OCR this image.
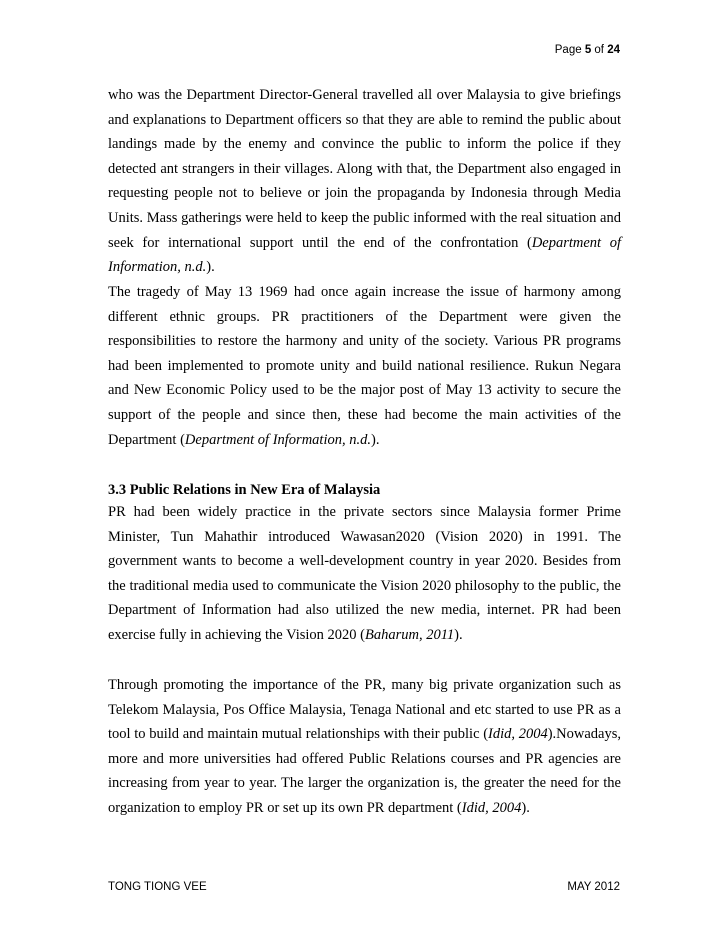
Page 5 of 24

who was the Department Director-General travelled all over Malaysia to give briefings and explanations to Department officers so that they are able to remind the public about landings made by the enemy and convince the public to inform the police if they detected ant strangers in their villages. Along with that, the Department also engaged in requesting people not to believe or join the propaganda by Indonesia through Media Units. Mass gatherings were held to keep the public informed with the real situation and seek for international support until the end of the confrontation (Department of Information, n.d.).

The tragedy of May 13 1969 had once again increase the issue of harmony among different ethnic groups. PR practitioners of the Department were given the responsibilities to restore the harmony and unity of the society. Various PR programs had been implemented to promote unity and build national resilience. Rukun Negara and New Economic Policy used to be the major post of May 13 activity to secure the support of the people and since then, these had become the main activities of the Department (Department of Information, n.d.).

3.3 Public Relations in New Era of Malaysia

PR had been widely practice in the private sectors since Malaysia former Prime Minister, Tun Mahathir introduced Wawasan2020 (Vision 2020) in 1991. The government wants to become a well-development country in year 2020. Besides from the traditional media used to communicate the Vision 2020 philosophy to the public, the Department of Information had also utilized the new media, internet. PR had been exercise fully in achieving the Vision 2020 (Baharum, 2011).

Through promoting the importance of the PR, many big private organization such as Telekom Malaysia, Pos Office Malaysia, Tenaga National and etc started to use PR as a tool to build and maintain mutual relationships with their public (Idid, 2004).Nowadays, more and more universities had offered Public Relations courses and PR agencies are increasing from year to year. The larger the organization is, the greater the need for the organization to employ PR or set up its own PR department (Idid, 2004).

TONG TIONG VEE	MAY 2012
